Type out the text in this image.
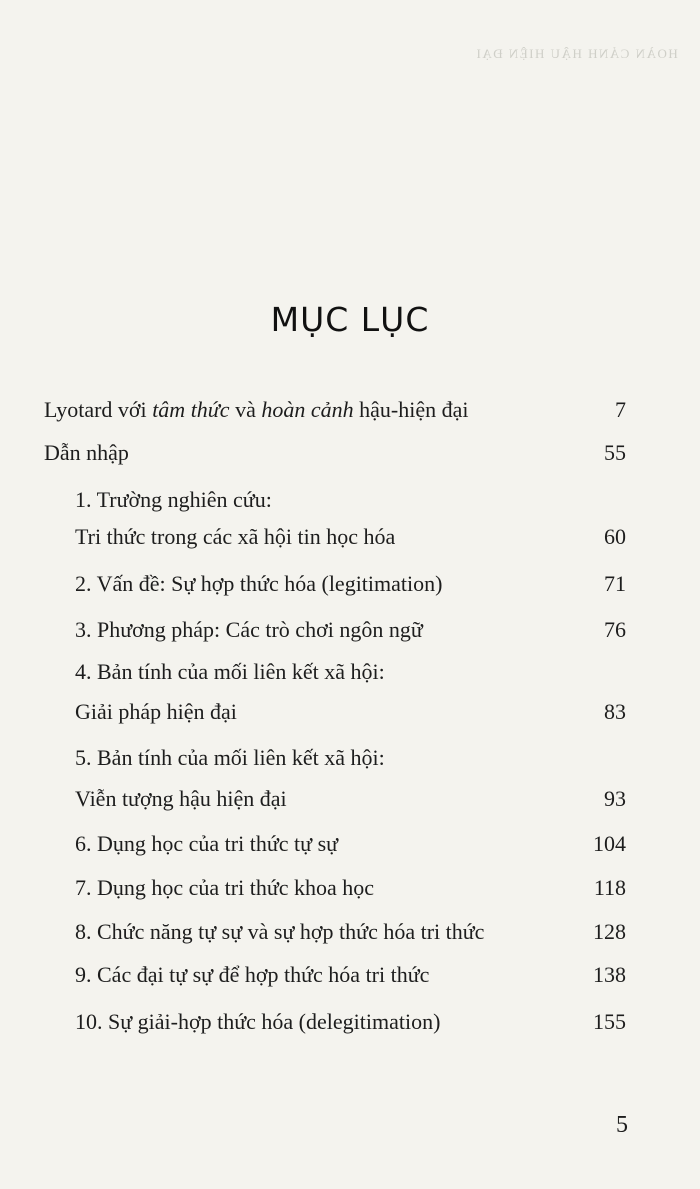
HOÀN CẢNH HẬU HIỆN ĐẠI
MỤC LỤC
Lyotard với tâm thức và hoàn cảnh hậu-hiện đại	7
Dẫn nhập	55
1. Trường nghiên cứu:
Tri thức trong các xã hội tin học hóa	60
2. Vấn đề: Sự hợp thức hóa (legitimation)	71
3. Phương pháp: Các trò chơi ngôn ngữ	76
4. Bản tính của mối liên kết xã hội:
Giải pháp hiện đại	83
5. Bản tính của mối liên kết xã hội:
Viễn tượng hậu hiện đại	93
6. Dụng học của tri thức tự sự	104
7. Dụng học của tri thức khoa học	118
8. Chức năng tự sự và sự hợp thức hóa tri thức	128
9. Các đại tự sự để hợp thức hóa tri thức	138
10. Sự giải-hợp thức hóa (delegitimation)	155
5
